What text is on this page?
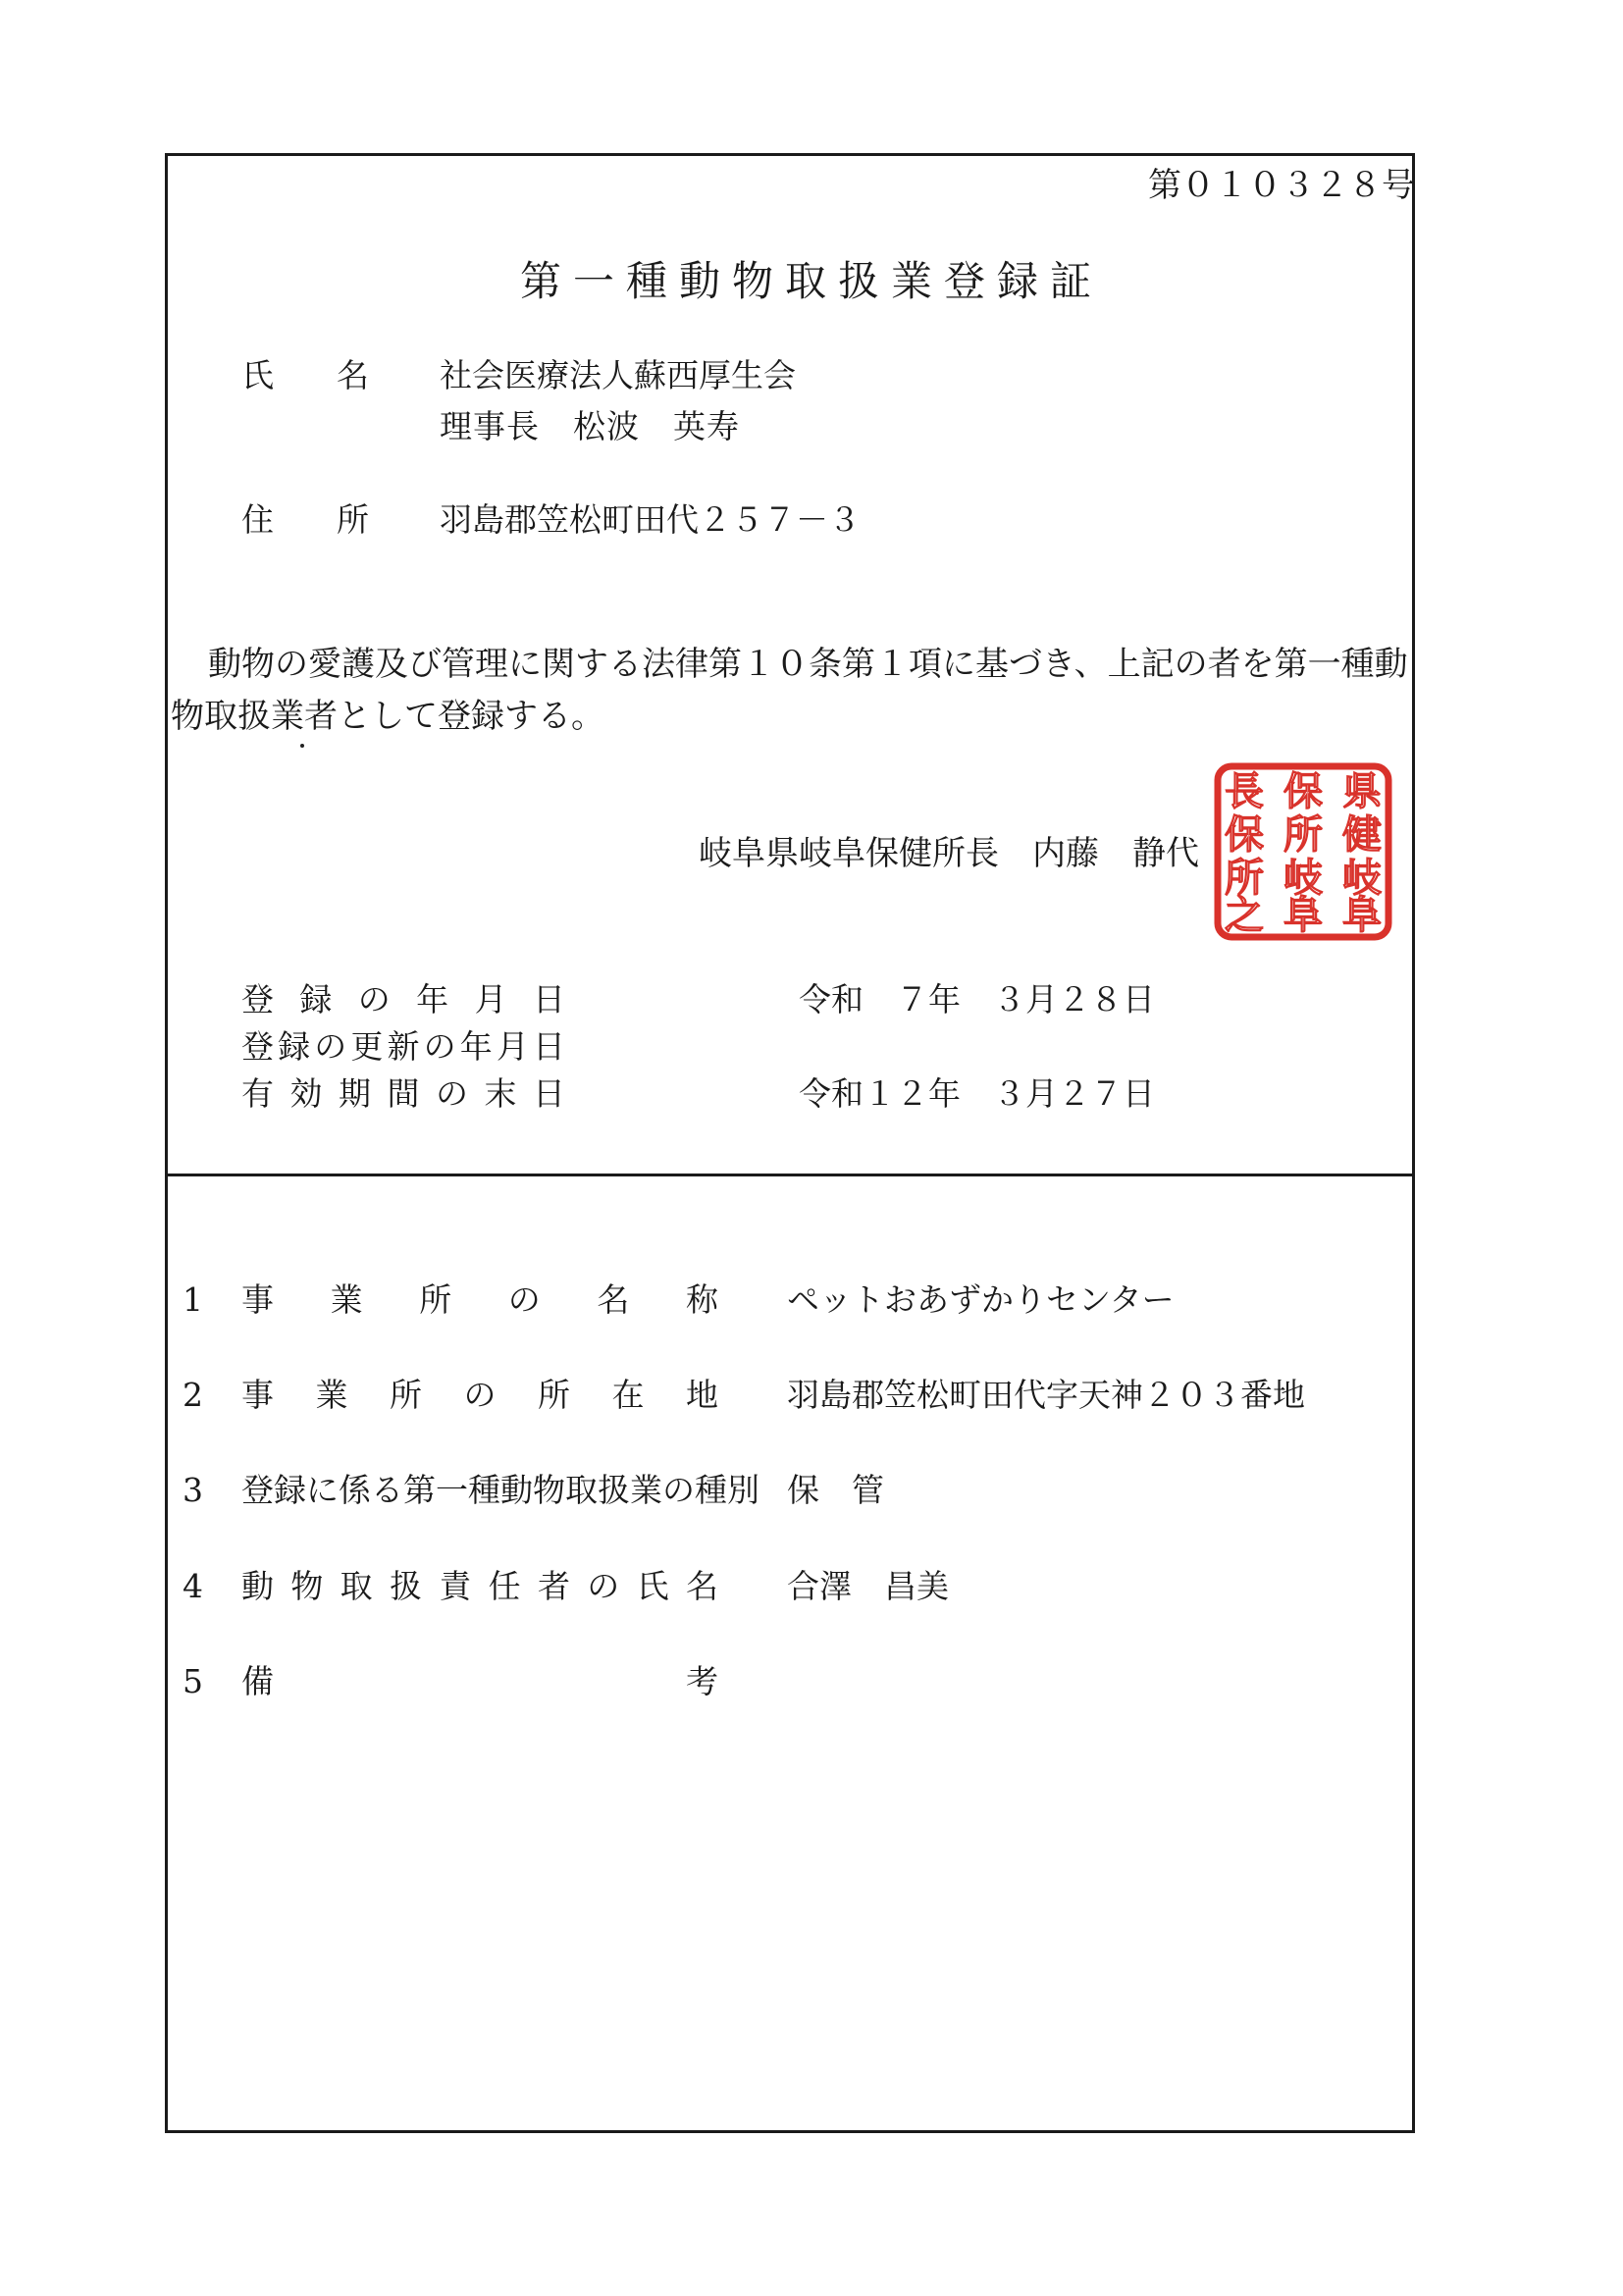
第０１０３２８号
第一種動物取扱業登録証
氏 名 社会医療法人蘇西厚生会
理事長　松波　英寿
住 所 羽島郡笠松町田代２５７－３
動物の愛護及び管理に関する法律第１０条第１項に基づき、上記の者を第一種動
物取扱業者として登録する。
岐阜県岐阜保健所長　内藤　静代
県
健
岐
阜
保
所
岐
阜
長
保
所
之
登 録 の 年 月 日	令和　７年　３月２８日
登 録 の 更 新 の 年 月 日
有 効 期 間 の 末 日	令和１２年　３月２７日
1 事 業 所 の 名 称 ペットおあずかりセンター
2 事 業 所 の 所 在 地 羽島郡笠松町田代字天神２０３番地
3 登録に係る第一種動物取扱業の種別 保　管
4 動 物 取 扱 責 任 者 の 氏 名 合澤　昌美
5 備	考
